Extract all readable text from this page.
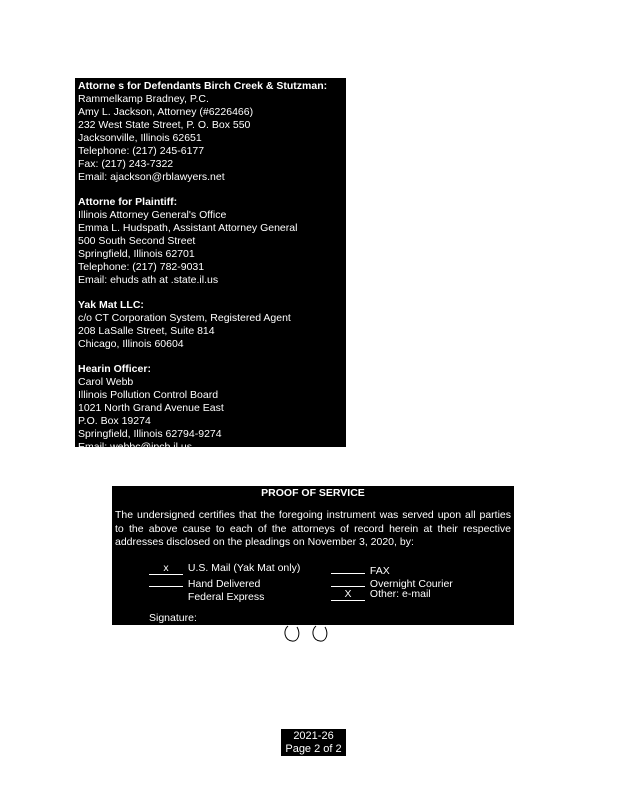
Attorne s for Defendants Birch Creek & Stutzman:
Rammelkamp Bradney, P.C.
Amy L. Jackson, Attorney (#6226466)
232 West State Street, P. O. Box 550
Jacksonville, Illinois 62651
Telephone: (217) 245-6177
Fax: (217) 243-7322
Email: ajackson@rblawyers.net
Attorne for Plaintiff:
Illinois Attorney General's Office
Emma L. Hudspath, Assistant Attorney General
500 South Second Street
Springfield, Illinois 62701
Telephone: (217) 782-9031
Email: ehuds ath at .state.il.us
Yak Mat LLC:
c/o CT Corporation System, Registered Agent
208 LaSalle Street, Suite 814
Chicago, Illinois 60604
Hearin Officer:
Carol Webb
Illinois Pollution Control Board
1021 North Grand Avenue East
P.O. Box 19274
Springfield, Illinois 62794-9274
Email: webbc@ipcb.il.us
PROOF OF SERVICE
The undersigned certifies that the foregoing instrument was served upon all parties to the above cause to each of the attorneys of record herein at their respective addresses disclosed on the pleadings on November 3, 2020, by:
x U.S. Mail (Yak Mat only)
Hand Delivered
Federal Express
FAX
Overnight Courier
X Other: e-mail
Signature:
2021-26
Page 2 of 2
